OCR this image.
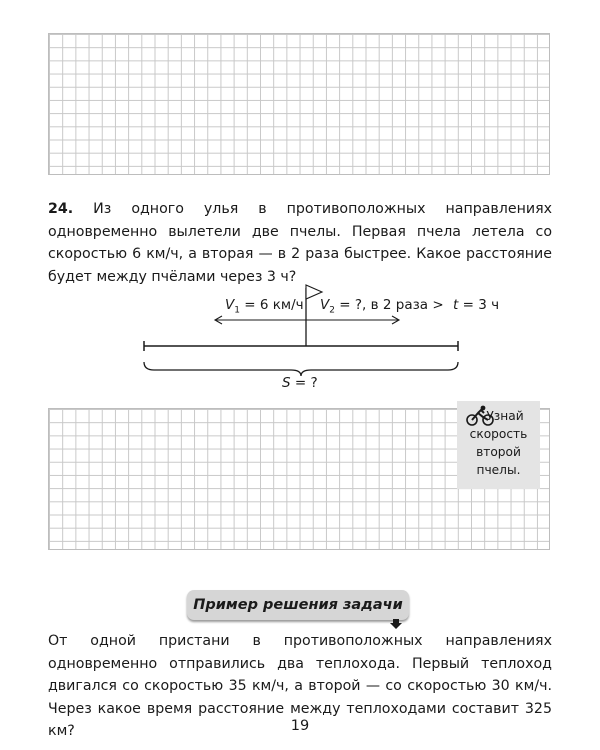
24. Из одного улья в противоположных направлениях одновременно вылетели две пчелы. Первая пчела летела со скоростью 6 км/ч, а вторая — в 2 раза быстрее. Какое расстояние будет между пчёлами через 3 ч?
$V_1 = 6$ км/ч $V_2$ = ?, в 2 раза > t = 3 ч
S = ?
Узнай
скорость
второй
пчелы.
Пример решения задачи
От одной пристани в противоположных направлениях одновременно отправились два теплохода. Первый теплоход двигался со скоростью 35 км/ч, а второй — со скоростью 30 км/ч. Через какое время расстояние между теплоходами составит 325 км?	19
